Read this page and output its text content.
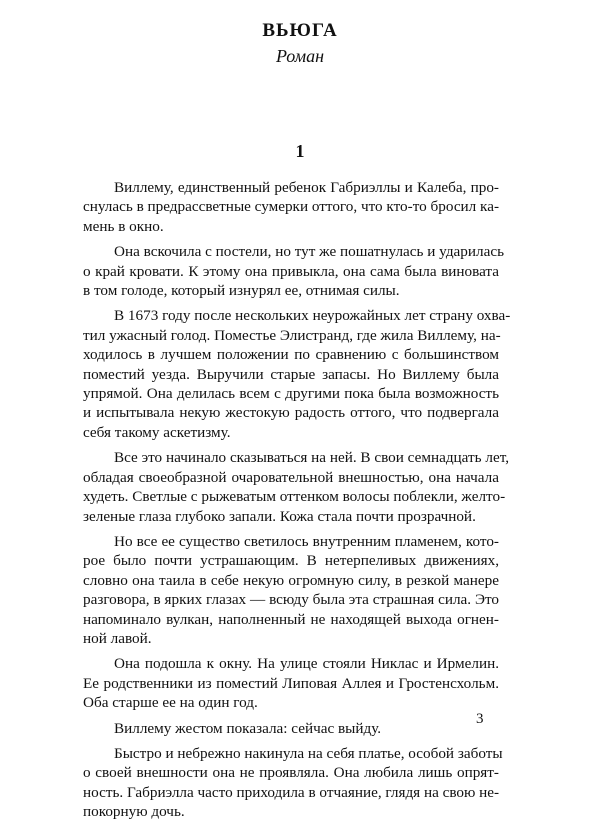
ВЬЮГА
Роман
1

Виллему, единственный ребенок Габриэллы и Калеба, про-
снулась в предрассветные сумерки оттого, что кто-то бросил ка-
мень в окно.

Она вскочила с постели, но тут же пошатнулась и ударилась
о край кровати. К этому она привыкла, она сама была виновата
в том голоде, который изнурял ее, отнимая силы.

В 1673 году после нескольких неурожайных лет страну охва-
тил ужасный голод. Поместье Элистранд, где жила Виллему, на-
ходилось в лучшем положении по сравнению с большинством
поместий уезда. Выручили старые запасы. Но Виллему была
упрямой. Она делилась всем с другими пока была возможность
и испытывала некую жестокую радость оттого, что подвергала
себя такому аскетизму.

Все это начинало сказываться на ней. В свои семнадцать лет,
обладая своеобразной очаровательной внешностью, она начала
худеть. Светлые с рыжеватым оттенком волосы поблекли, желто-
зеленые глаза глубоко запали. Кожа стала почти прозрачной.

Но все ее существо светилось внутренним пламенем, кото-
рое было почти устрашающим. В нетерпеливых движениях,
словно она таила в себе некую огромную силу, в резкой манере
разговора, в ярких глазах — всюду была эта страшная сила. Это
напоминало вулкан, наполненный не находящей выхода огнен-
ной лавой.

Она подошла к окну. На улице стояли Никлас и Ирмелин.
Ее родственники из поместий Липовая Аллея и Гростенсхольм.
Оба старше ее на один год.

Виллему жестом показала: сейчас выйду.

Быстро и небрежно накинула на себя платье, особой заботы
о своей внешности она не проявляла. Она любила лишь опрят-
ность. Габриэлла часто приходила в отчаяние, глядя на свою не-
покорную дочь.

3
